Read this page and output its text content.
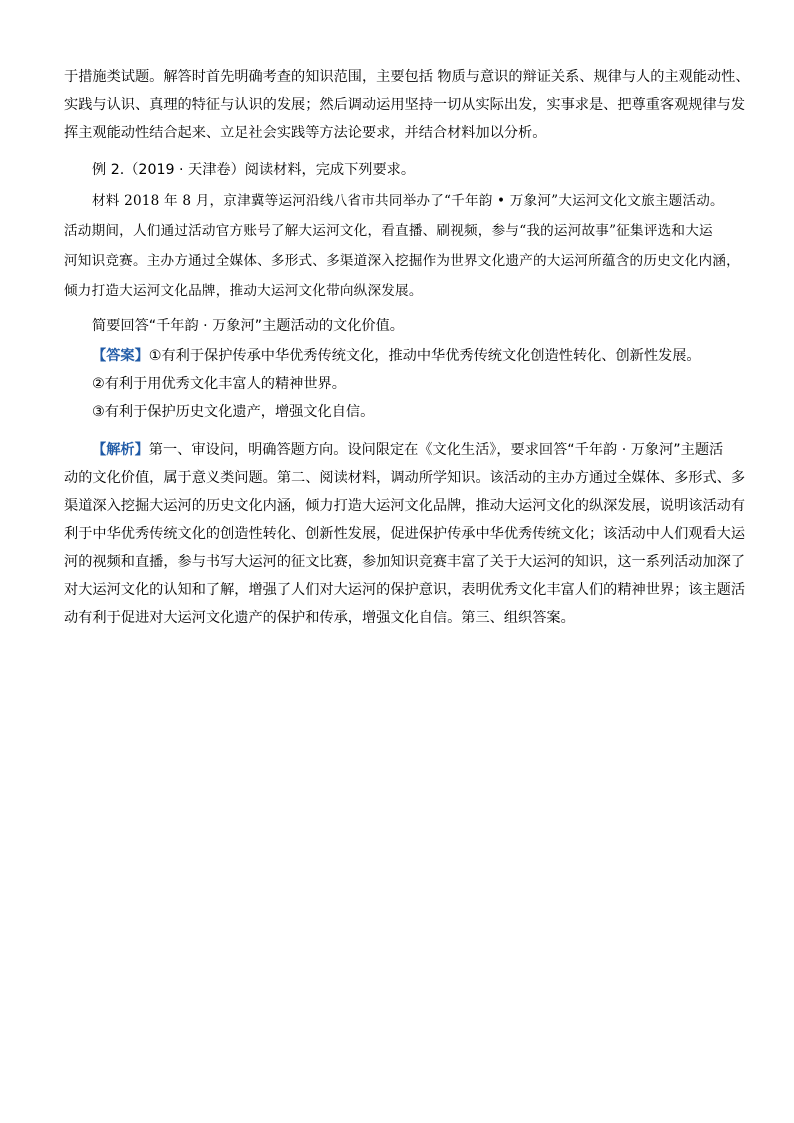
于措施类试题。解答时首先明确考查的知识范围，主要包括 物质与意识的辩证关系、规律与人的主观能动性、
实践与认识、真理的特征与认识的发展；然后调动运用坚持一切从实际出发，实事求是、把尊重客观规律与发
挥主观能动性结合起来、立足社会实践等方法论要求，并结合材料加以分析。
例 2.（2019 · 天津卷）阅读材料，完成下列要求。
材料 2018 年 8 月，京津冀等运河沿线八省市共同举办了“千年韵 • 万象河”大运河文化文旅主题活动。
活动期间，人们通过活动官方账号了解大运河文化，看直播、刷视频，参与“我的运河故事”征集评选和大运
河知识竞赛。主办方通过全媒体、多形式、多渠道深入挖掘作为世界文化遗产的大运河所蕴含的历史文化内涵，
倾力打造大运河文化品牌，推动大运河文化带向纵深发展。
简要回答“千年韵 · 万象河”主题活动的文化价值。
【答案】①有利于保护传承中华优秀传统文化，推动中华优秀传统文化创造性转化、创新性发展。
②有利于用优秀文化丰富人的精神世界。
③有利于保护历史文化遗产，增强文化自信。
【解析】第一、审设问，明确答题方向。设问限定在《文化生活》，要求回答“千年韵 · 万象河”主题活
动的文化价值，属于意义类问题。第二、阅读材料，调动所学知识。该活动的主办方通过全媒体、多形式、多
渠道深入挖掘大运河的历史文化内涵，倾力打造大运河文化品牌，推动大运河文化的纵深发展，说明该活动有
利于中华优秀传统文化的创造性转化、创新性发展，促进保护传承中华优秀传统文化；该活动中人们观看大运
河的视频和直播，参与书写大运河的征文比赛，参加知识竞赛丰富了关于大运河的知识，这一系列活动加深了
对大运河文化的认知和了解，增强了人们对大运河的保护意识，表明优秀文化丰富人们的精神世界；该主题活
动有利于促进对大运河文化遗产的保护和传承，增强文化自信。第三、组织答案。
